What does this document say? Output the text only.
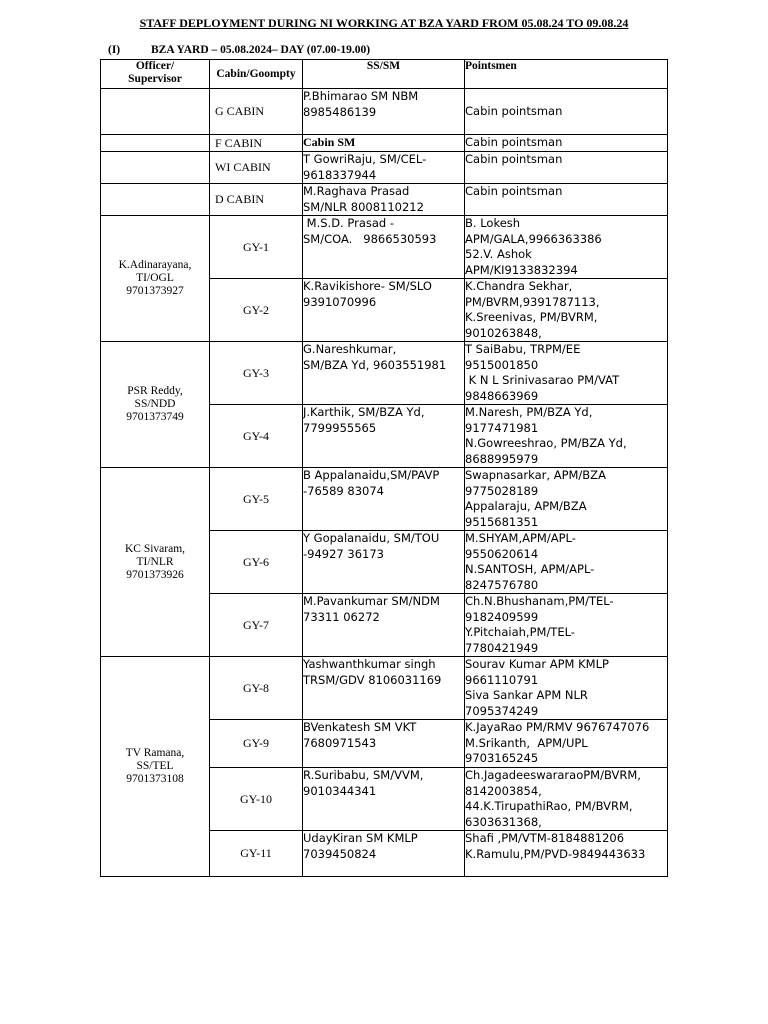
STAFF DEPLOYMENT DURING NI WORKING AT BZA YARD FROM 05.08.24 TO 09.08.24
(I)	BZA YARD – 05.08.2024– DAY (07.00-19.00)
Officer/
Supervisor	Cabin/Goompty	SS/SM	Pointsmen
	G CABIN	P.Bhimarao SM NBM
8985486139	Cabin pointsman
	F CABIN	Cabin SM	Cabin pointsman
	WI CABIN	T GowriRaju, SM/CEL-
9618337944	Cabin pointsman
	D CABIN	M.Raghava Prasad
SM/NLR 8008110212	Cabin pointsman

K.Adinarayana,
TI/OGL
9701373927	GY-1	M.S.D. Prasad -
SM/COA.   9866530593	B. Lokesh
APM/GALA,9966363386
52.V. Ashok
APM/KI9133832394
	GY-2	K.Ravikishore- SM/SLO
9391070996	K.Chandra Sekhar,
PM/BVRM,9391787113,
K.Sreenivas, PM/BVRM,
9010263848,

PSR Reddy,
SS/NDD
9701373749	GY-3	G.Nareshkumar,
SM/BZA Yd, 9603551981	T SaiBabu, TRPM/EE
9515001850
K N L Srinivasarao PM/VAT
9848663969
	GY-4	J.Karthik, SM/BZA Yd,
7799955565	M.Naresh, PM/BZA Yd,
9177471981
N.Gowreeshrao, PM/BZA Yd,
8688995979

KC Sivaram,
TI/NLR
9701373926	GY-5	B Appalanaidu,SM/PAVP
-76589 83074	Swapnasarkar, APM/BZA
9775028189
Appalaraju, APM/BZA
9515681351
	GY-6	Y Gopalanaidu, SM/TOU
-94927 36173	M.SHYAM,APM/APL-
9550620614
N.SANTOSH, APM/APL-
8247576780
	GY-7	M.Pavankumar SM/NDM
73311 06272	Ch.N.Bhushanam,PM/TEL-
9182409599
Y.Pitchaiah,PM/TEL-
7780421949

TV Ramana,
SS/TEL
9701373108	GY-8	Yashwanthkumar singh
TRSM/GDV 8106031169	Sourav Kumar APM KMLP
9661110791
Siva Sankar APM NLR
7095374249
	GY-9	BVenkatesh SM VKT
7680971543	K.JayaRao PM/RMV 9676747076
M.Srikanth,  APM/UPL
9703165245
	GY-10	R.Suribabu, SM/VVM,
9010344341	Ch.JagadeeswararaoPM/BVRM,
8142003854,
44.K.TirupathiRao, PM/BVRM,
6303631368,
	GY-11	UdayKiran SM KMLP
7039450824	Shafi ,PM/VTM-8184881206
K.Ramulu,PM/PVD-9849443633
